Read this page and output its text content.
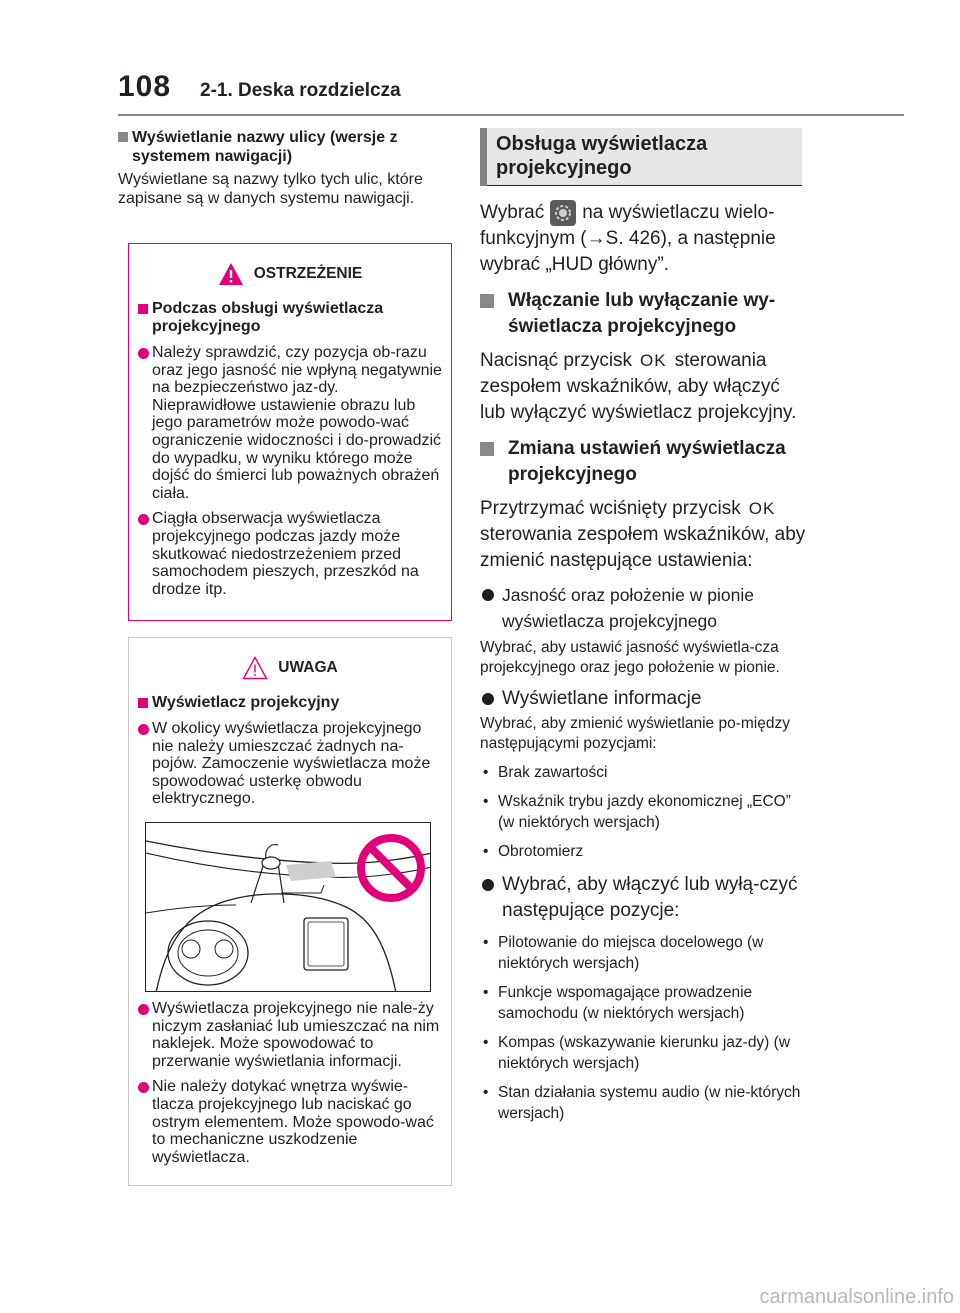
108 2-1. Deska rozdzielcza
Wyświetlanie nazwy ulicy (wersje z systemem nawigacji)
Wyświetlane są nazwy tylko tych ulic, które zapisane są w danych systemu nawigacji.
OSTRZEŻENIE
Podczas obsługi wyświetlacza projekcyjnego
Należy sprawdzić, czy pozycja ob-razu oraz jego jasność nie wpłyną negatywnie na bezpieczeństwo jaz-dy. Nieprawidłowe ustawienie obrazu lub jego parametrów może powodo-wać ograniczenie widoczności i do-prowadzić do wypadku, w wyniku którego może dojść do śmierci lub poważnych obrażeń ciała.
Ciągła obserwacja wyświetlacza projekcyjnego podczas jazdy może skutkować niedostrzeżeniem przed samochodem pieszych, przeszkód na drodze itp.
UWAGA
Wyświetlacz projekcyjny
W okolicy wyświetlacza projekcyjnego nie należy umieszczać żadnych na-pojów. Zamoczenie wyświetlacza może spowodować usterkę obwodu elektrycznego.
Wyświetlacza projekcyjnego nie nale-ży niczym zasłaniać lub umieszczać na nim naklejek. Może spowodować to przerwanie wyświetlania informacji.
Nie należy dotykać wnętrza wyświe-tlacza projekcyjnego lub naciskać go ostrym elementem. Może spowodo-wać to mechaniczne uszkodzenie wyświetlacza.
Obsługa wyświetlacza projekcyjnego
Wybrać na wyświetlaczu wielo-funkcyjnym (→S. 426), a następnie wybrać „HUD główny”.
Włączanie lub wyłączanie wy-świetlacza projekcyjnego
Nacisnąć przycisk OK sterowania zespołem wskaźników, aby włączyć lub wyłączyć wyświetlacz projekcyjny.
Zmiana ustawień wyświetlacza projekcyjnego
Przytrzymać wciśnięty przycisk OKsterowania zespołem wskaźników, aby zmienić następujące ustawienia:
Jasność oraz położenie w pionie wyświetlacza projekcyjnego
Wybrać, aby ustawić jasność wyświetla-cza projekcyjnego oraz jego położenie w pionie.
Wyświetlane informacje
Wybrać, aby zmienić wyświetlanie po-między następującymi pozycjami:
• Brak zawartości
• Wskaźnik trybu jazdy ekonomicznej „ECO” (w niektórych wersjach)
• Obrotomierz
Wybrać, aby włączyć lub wyłą-czyć następujące pozycje:
• Pilotowanie do miejsca docelowego (w niektórych wersjach)
• Funkcje wspomagające prowadzenie samochodu (w niektórych wersjach)
• Kompas (wskazywanie kierunku jaz-dy) (w niektórych wersjach)
• Stan działania systemu audio (w nie-których wersjach)
carmanualsonline.info
